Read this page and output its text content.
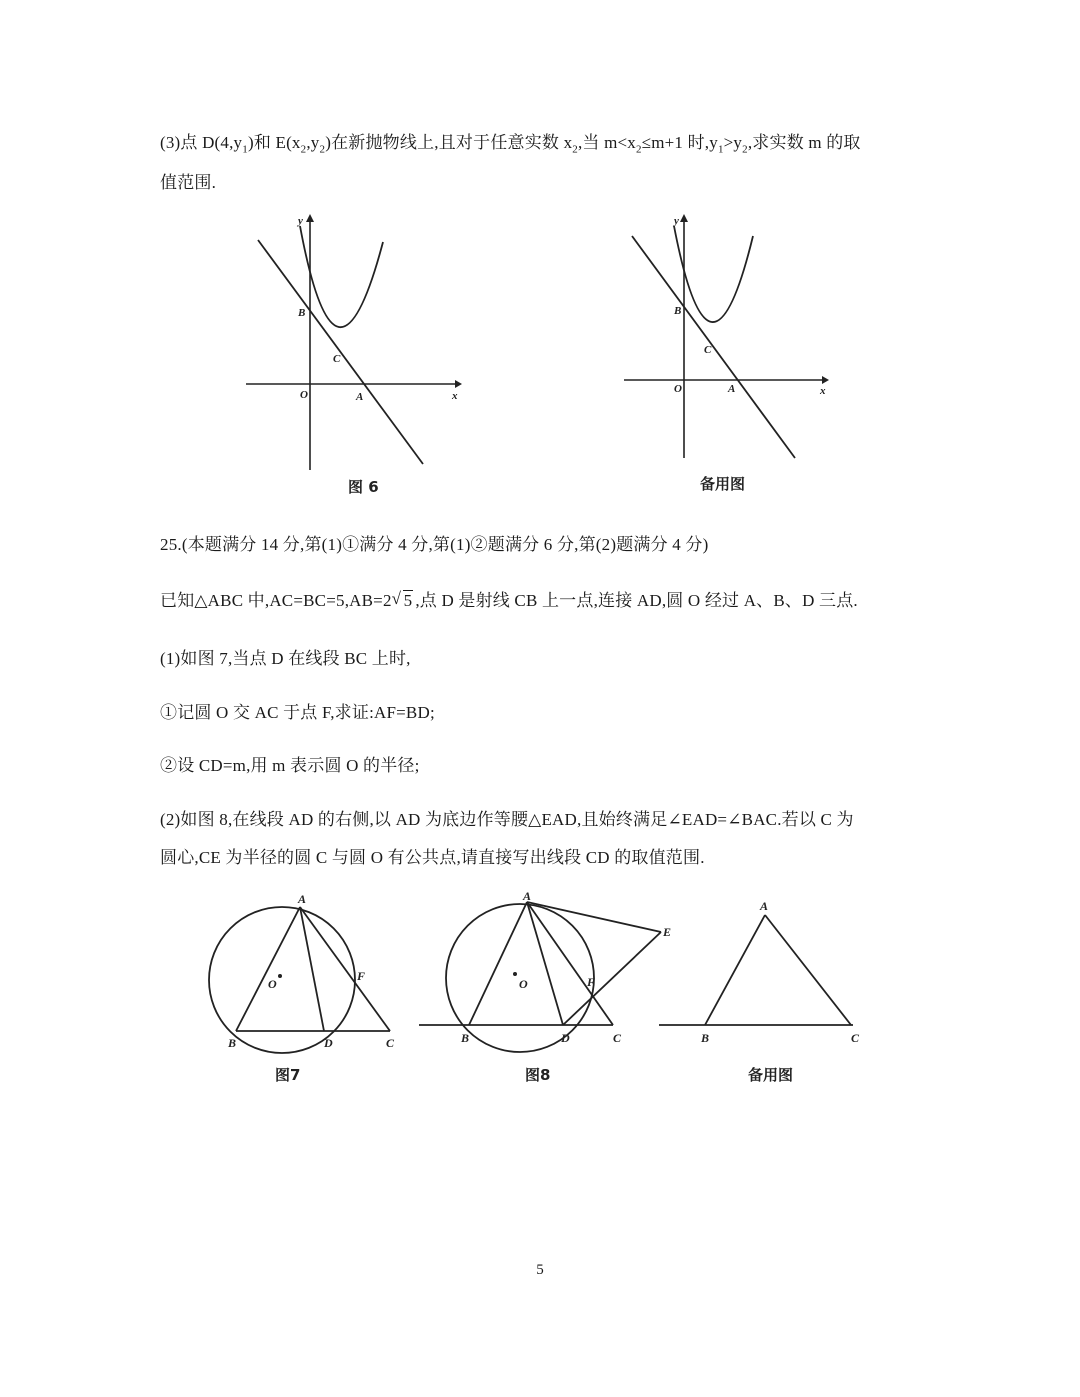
(3)点 $D(4,y_1)$和 $E(x_2,y_2)$在新抛物线上,且对于任意实数 $x_2$,当 $m<x_2\le m+1$ 时$,y_1>y_2$,求实数 m 的取
值范围.
y
x
O
B
C
A
图 6
y
x
O
B
C
A
备用图
25.(本题满分 14 分,第(1)①满分 4 分,第(1)②题满分 6 分,第(2)题满分 4 分)
已知△ABC 中,AC=BC=5,AB=2√ 5 ,点 D 是射线 CB 上一点,连接 AD,圆 O 经过 A、B、D 三点.
(1)如图 7,当点 D 在线段 BC 上时,
①记圆 O 交 AC 于点 F,求证:AF=BD;
②设 CD=m,用 m 表示圆 O 的半径;
(2)如图 8,在线段 AD 的右侧,以 AD 为底边作等腰△EAD,且始终满足∠EAD=∠BAC.若以 C 为
圆心,CE 为半径的圆 C 与圆 O 有公共点,请直接写出线段 CD 的取值范围.
A
O
F
B	D	C
图7
A
E
O	F
B	D	C
图8
A
B	C
备用图
5
